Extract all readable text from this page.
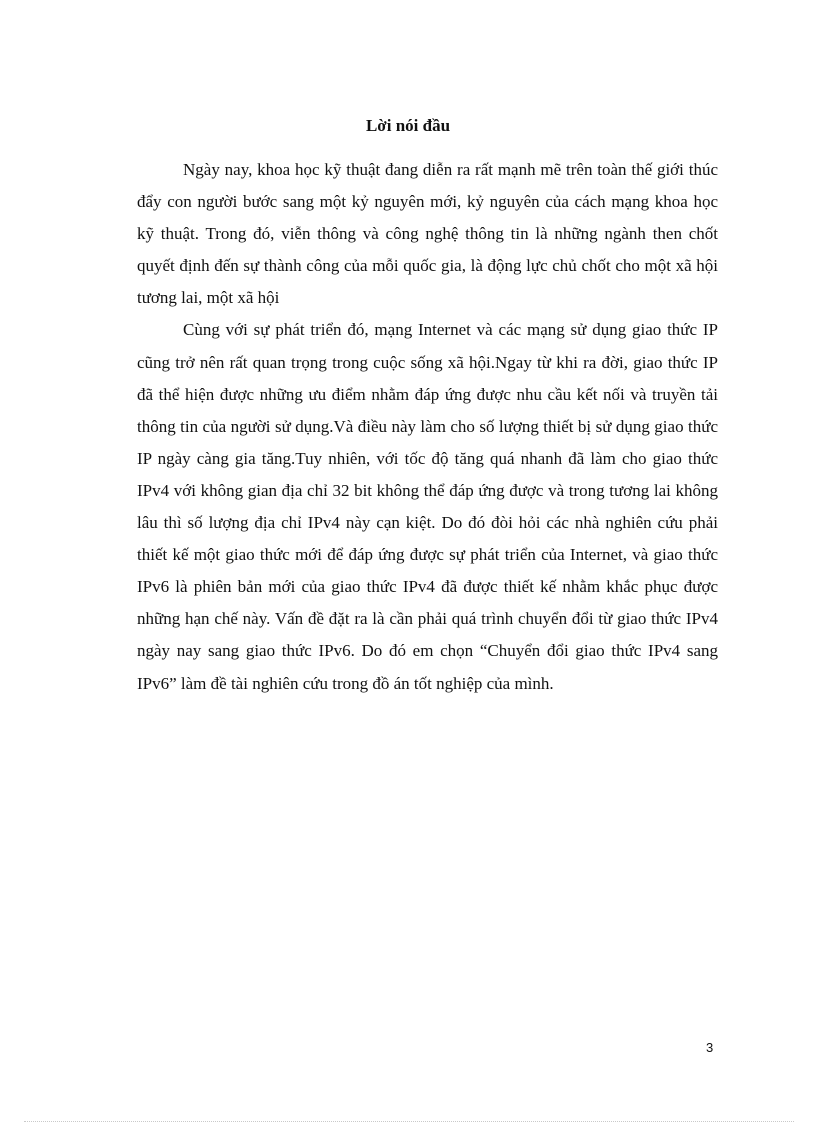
Lời nói đầu

Ngày nay, khoa học kỹ thuật đang diễn ra rất mạnh mẽ trên toàn thế giới thúc đẩy con người bước sang một kỷ nguyên mới, kỷ nguyên của cách mạng khoa học kỹ thuật. Trong đó, viễn thông và công nghệ thông tin là những ngành then chốt quyết định đến sự thành công của mỗi quốc gia, là động lực chủ chốt cho một xã hội tương lai, một xã hội

Cùng với sự phát triển đó, mạng Internet và các mạng sử dụng giao thức IP cũng trở nên rất quan trọng trong cuộc sống xã hội.Ngay từ khi ra đời, giao thức IP đã thể hiện được những ưu điểm nhằm đáp ứng được nhu cầu kết nối và truyền tải thông tin của người sử dụng.Và điều này làm cho số lượng thiết bị sử dụng giao thức IP ngày càng gia tăng.Tuy nhiên, với tốc độ tăng quá nhanh đã làm cho giao thức IPv4 với không gian địa chỉ 32 bit không thể đáp ứng được và trong tương lai không lâu thì số lượng địa chỉ IPv4 này cạn kiệt. Do đó đòi hỏi các nhà nghiên cứu phải thiết kế một giao thức mới để đáp ứng được sự phát triển của Internet, và giao thức IPv6 là phiên bản mới của giao thức IPv4 đã được thiết kế nhằm khắc phục được những hạn chế này. Vấn đề đặt ra là cần phải quá trình chuyển đổi từ giao thức IPv4 ngày nay sang giao thức IPv6. Do đó em chọn “Chuyển đổi giao thức IPv4 sang IPv6” làm đề tài nghiên cứu trong đồ án tốt nghiệp của mình.

3
